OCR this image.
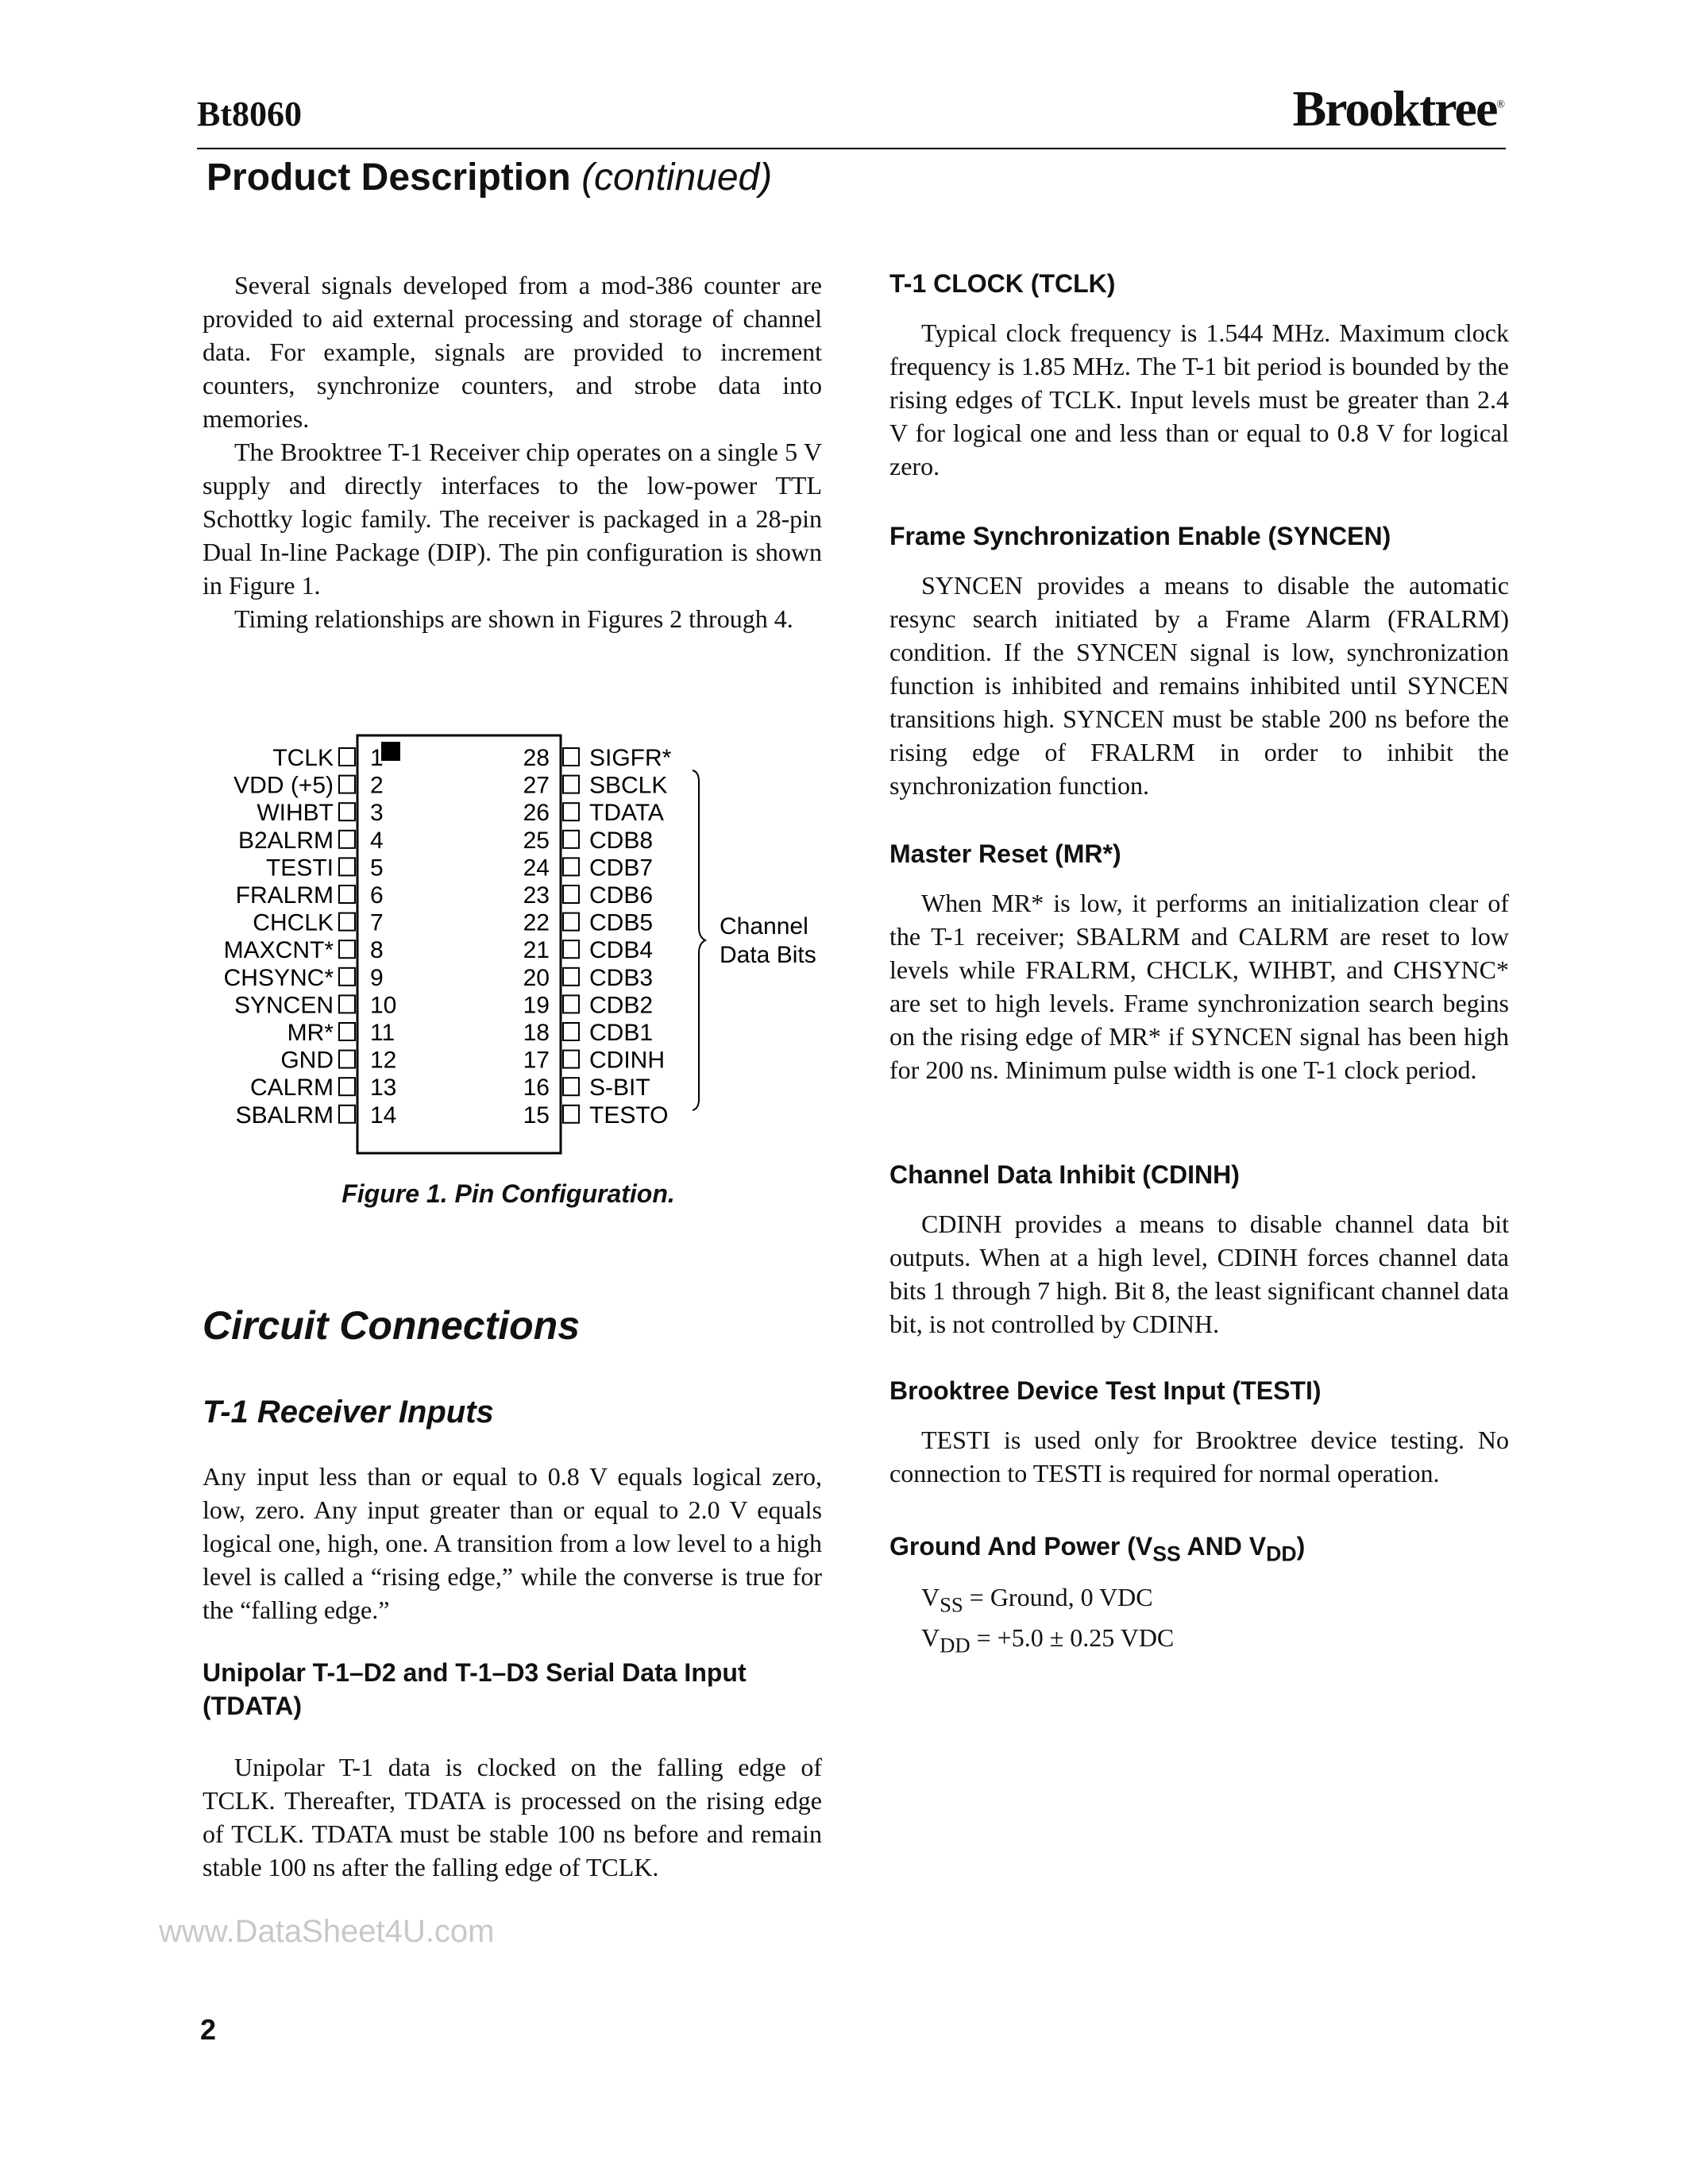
Bt8060	Brooktree®
Product Description (continued)

Several signals developed from a mod-386 counter are provided to aid external processing and storage of channel data. For example, signals are provided to increment counters, synchronize counters, and strobe data into memories.

The Brooktree T-1 Receiver chip operates on a single 5 V supply and directly interfaces to the low-power TTL Schottky logic family. The receiver is packaged in a 28-pin Dual In-line Package (DIP). The pin configuration is shown in Figure 1.

Timing relationships are shown in Figures 2 through 4.

TCLK 1
VDD (+5) 2
WIHBT 3
B2ALRM 4
TESTI 5
FRALRM 6
CHCLK 7
MAXCNT* 8
CHSYNC* 9
SYNCEN 10
MR* 11
GND 12
CALRM 13
SBALRM 14
28 SIGFR*
27 SBCLK
26 TDATA
25 CDB8
24 CDB7
23 CDB6
22 CDB5
21 CDB4
20 CDB3
19 CDB2
18 CDB1
17 CDINH
16 S-BIT
15 TESTO
Channel
Data Bits
Figure 1. Pin Configuration.
Circuit Connections
T-1 Receiver Inputs

Any input less than or equal to 0.8 V equals logical zero, low, zero. Any input greater than or equal to 2.0 V equals logical one, high, one. A transition from a low level to a high level is called a “rising edge,” while the converse is true for the “falling edge.”

Unipolar T-1–D2 and T-1–D3 Serial Data Input (TDATA)

Unipolar T-1 data is clocked on the falling edge of TCLK. Thereafter, TDATA is processed on the rising edge of TCLK. TDATA must be stable 100 ns before and remain stable 100 ns after the falling edge of TCLK.

T-1 CLOCK (TCLK)

Typical clock frequency is 1.544 MHz. Maximum clock frequency is 1.85 MHz. The T-1 bit period is bounded by the rising edges of TCLK. Input levels must be greater than 2.4 V for logical one and less than or equal to 0.8 V for logical zero.

Frame Synchronization Enable (SYNCEN)

SYNCEN provides a means to disable the automatic resync search initiated by a Frame Alarm (FRALRM) condition. If the SYNCEN signal is low, synchronization function is inhibited and remains inhibited until SYNCEN transitions high. SYNCEN must be stable 200 ns before the rising edge of FRALRM in order to inhibit the synchronization function.

Master Reset (MR*)

When MR* is low, it performs an initialization clear of the T-1 receiver; SBALRM and CALRM are reset to low levels while FRALRM, CHCLK, WIHBT, and CHSYNC* are set to high levels. Frame synchronization search begins on the rising edge of MR* if SYNCEN signal has been high for 200 ns. Minimum pulse width is one T-1 clock period.

Channel Data Inhibit (CDINH)

CDINH provides a means to disable channel data bit outputs. When at a high level, CDINH forces channel data bits 1 through 7 high. Bit 8, the least significant channel data bit, is not controlled by CDINH.

Brooktree Device Test Input (TESTI)

TESTI is used only for Brooktree device testing. No connection to TESTI is required for normal operation.

Ground And Power ($V_{SS}$ AND $V_{DD}$)
$V_{SS}$ = Ground, 0 VDC
$V_{DD} = +5.0 \pm 0.25$ VDC
www.DataSheet4U.com
2
